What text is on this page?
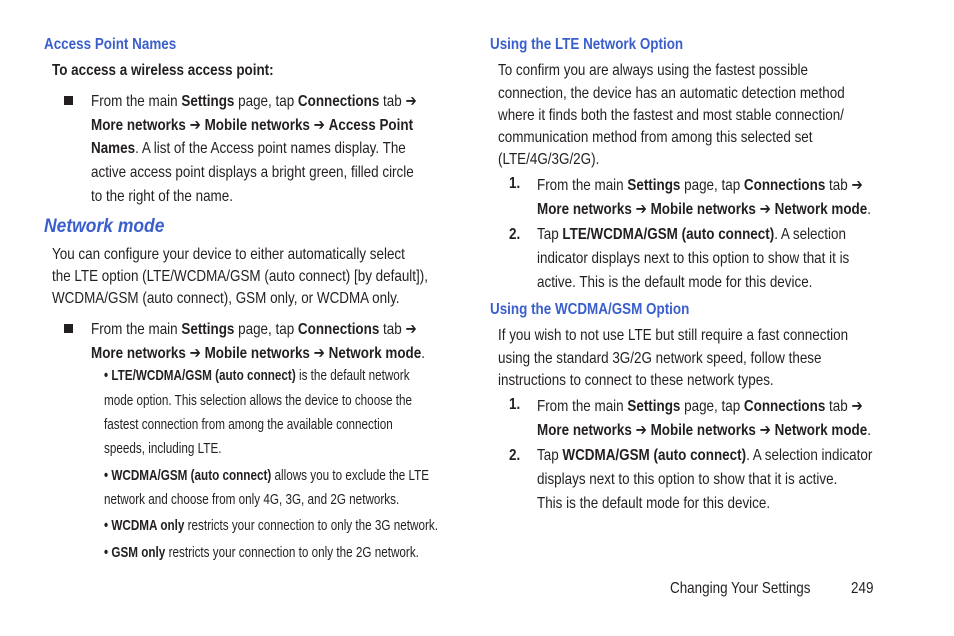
Access Point Names
To access a wireless access point:
From the main Settings page, tap Connections tab ➔
More networks ➔ Mobile networks ➔ Access Point
Names. A list of the Access point names display. The
active access point displays a bright green, filled circle
to the right of the name.
Network mode
You can configure your device to either automatically select
the LTE option (LTE/WCDMA/GSM (auto connect) [by default]),
WCDMA/GSM (auto connect), GSM only, or WCDMA only.
From the main Settings page, tap Connections tab ➔
More networks ➔ Mobile networks ➔ Network mode.
• LTE/WCDMA/GSM (auto connect) is the default network
mode option. This selection allows the device to choose the
fastest connection from among the available connection
speeds, including LTE.
• WCDMA/GSM (auto connect) allows you to exclude the LTE
network and choose from only 4G, 3G, and 2G networks.
• WCDMA only restricts your connection to only the 3G network.
• GSM only restricts your connection to only the 2G network.
Using the LTE Network Option
To confirm you are always using the fastest possible
connection, the device has an automatic detection method
where it finds both the fastest and most stable connection/
communication method from among this selected set
(LTE/4G/3G/2G).
1. From the main Settings page, tap Connections tab ➔
More networks ➔ Mobile networks ➔ Network mode.
2. Tap LTE/WCDMA/GSM (auto connect). A selection
indicator displays next to this option to show that it is
active. This is the default mode for this device.
Using the WCDMA/GSM Option
If you wish to not use LTE but still require a fast connection
using the standard 3G/2G network speed, follow these
instructions to connect to these network types.
1. From the main Settings page, tap Connections tab ➔
More networks ➔ Mobile networks ➔ Network mode.
2. Tap WCDMA/GSM (auto connect). A selection indicator
displays next to this option to show that it is active.
This is the default mode for this device.
Changing Your Settings	249
